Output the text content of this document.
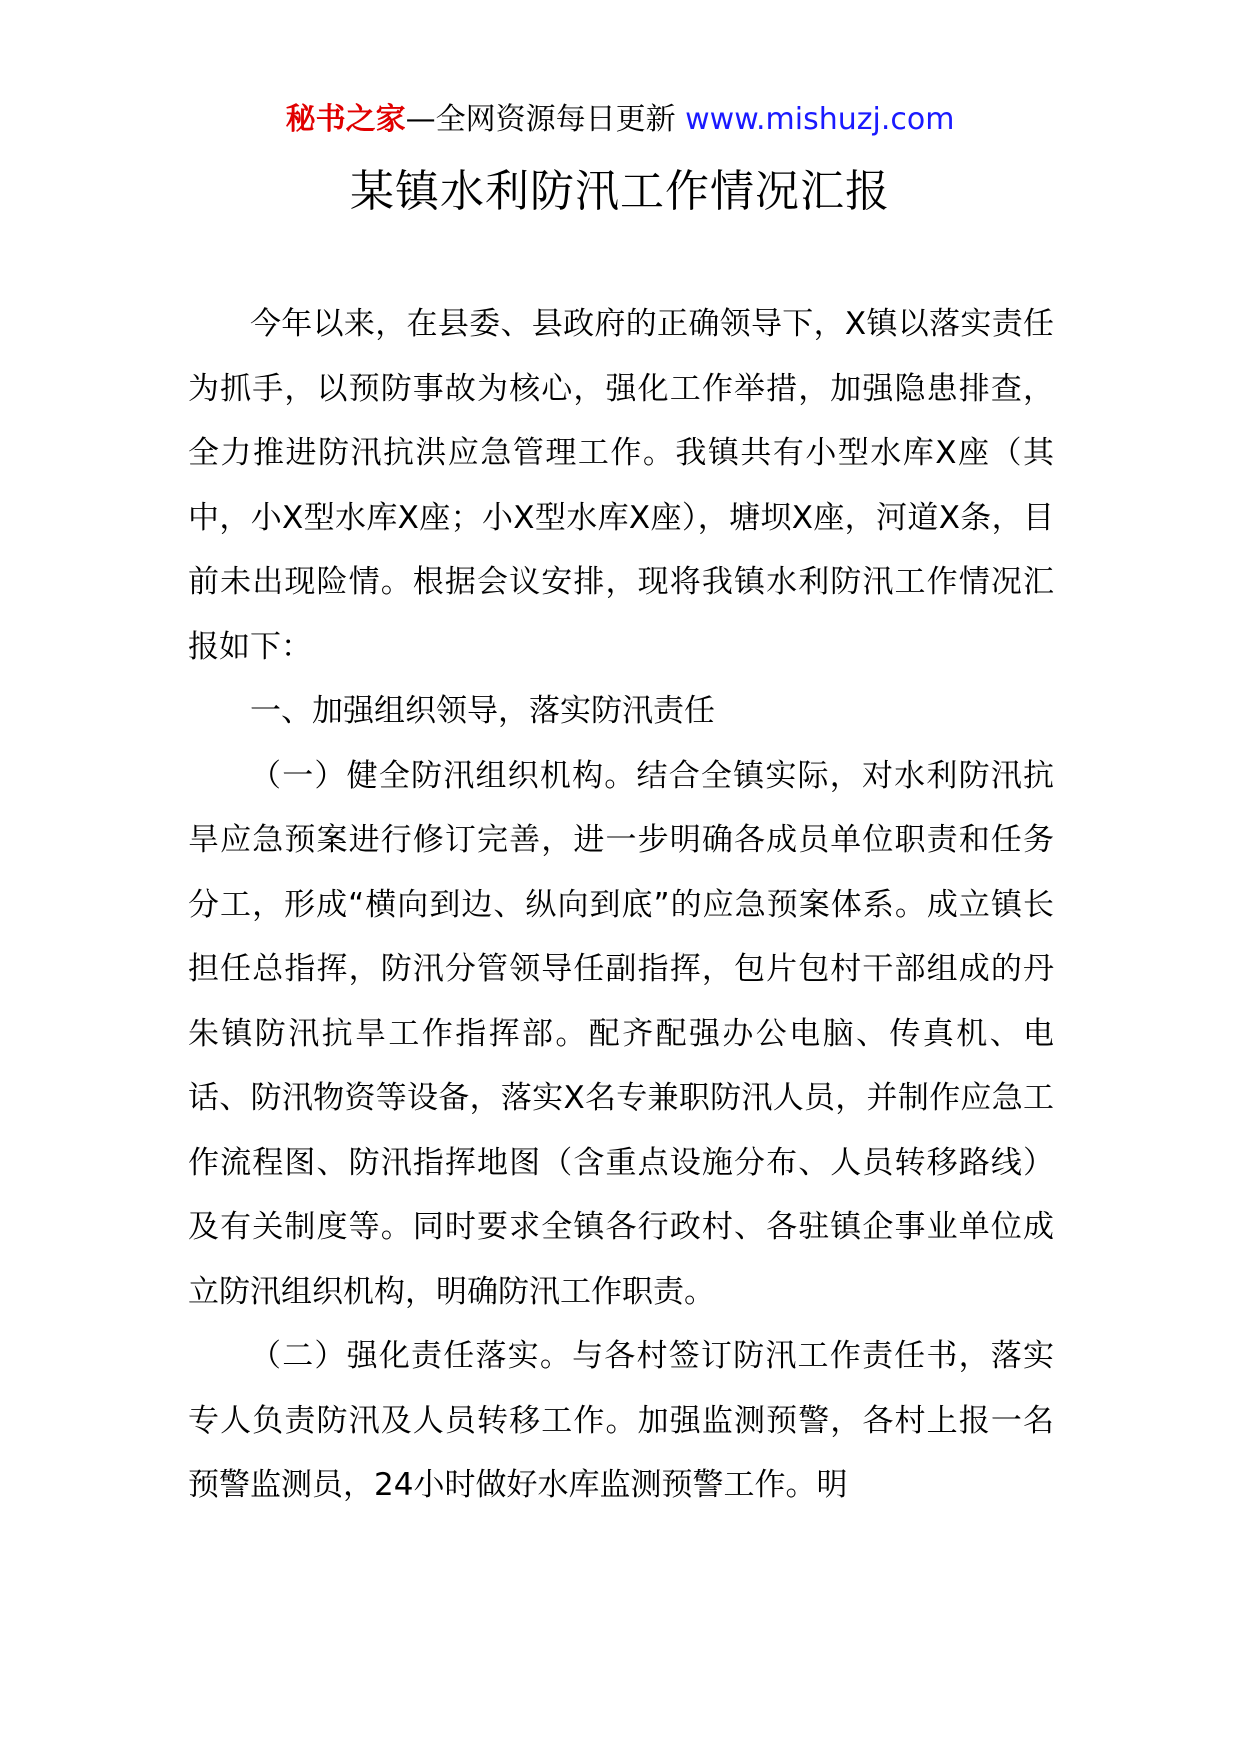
秘书之家—全网资源每日更新 www.mishuzj.com
某镇水利防汛工作情况汇报

今年以来，在县委、县政府的正确领导下，X镇以落实责任为抓手，以预防事故为核心，强化工作举措，加强隐患排查，全力推进防汛抗洪应急管理工作。我镇共有小型水库X座（其中，小X型水库X座；小X型水库X座），塘坝X座，河道X条，目前未出现险情。根据会议安排，现将我镇水利防汛工作情况汇报如下：

一、加强组织领导，落实防汛责任

（一）健全防汛组织机构。结合全镇实际，对水利防汛抗旱应急预案进行修订完善，进一步明确各成员单位职责和任务分工，形成“横向到边、纵向到底”的应急预案体系。成立镇长担任总指挥，防汛分管领导任副指挥，包片包村干部组成的丹朱镇防汛抗旱工作指挥部。配齐配强办公电脑、传真机、电话、防汛物资等设备，落实X名专兼职防汛人员，并制作应急工作流程图、防汛指挥地图（含重点设施分布、人员转移路线）及有关制度等。同时要求全镇各行政村、各驻镇企事业单位成立防汛组织机构，明确防汛工作职责。

（二）强化责任落实。与各村签订防汛工作责任书，落实专人负责防汛及人员转移工作。加强监测预警，各村上报一名预警监测员，24小时做好水库监测预警工作。明
